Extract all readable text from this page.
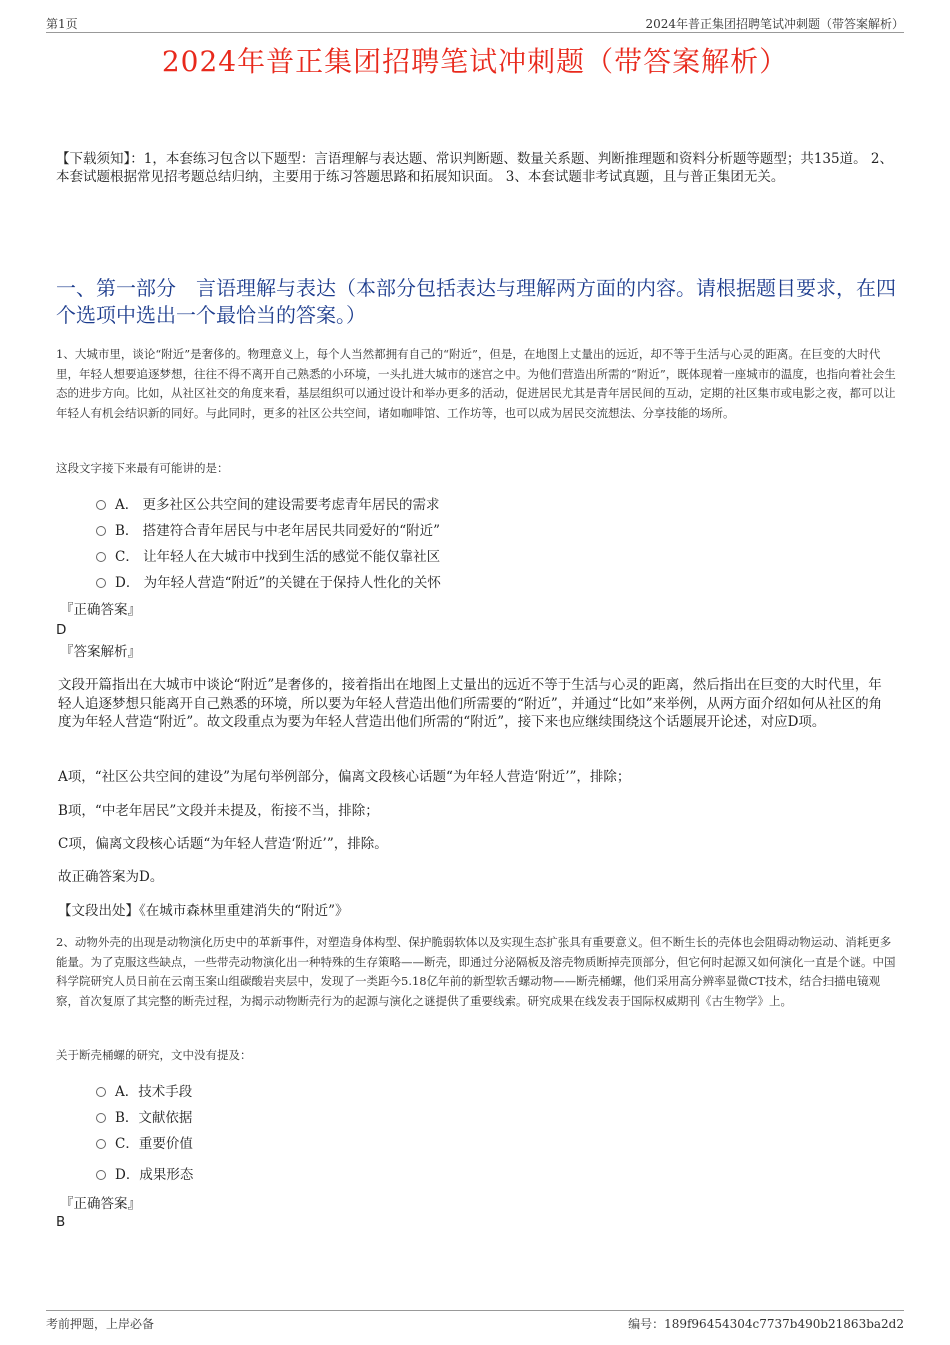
第1页	2024年普正集团招聘笔试冲刺题（带答案解析）
2024年普正集团招聘笔试冲刺题（带答案解析）
【下载须知】：1，本套练习包含以下题型：言语理解与表达题、常识判断题、数量关系题、判断推理题和资料分析题等题型；共135道。 2、本套试题根据常见招考题总结归纳，主要用于练习答题思路和拓展知识面。 3、本套试题非考试真题，且与普正集团无关。
一、第一部分　言语理解与表达（本部分包括表达与理解两方面的内容。请根据题目要求，在四个选项中选出一个最恰当的答案。）
1、大城市里，谈论“附近”是奢侈的。物理意义上，每个人当然都拥有自己的“附近”，但是，在地图上丈量出的远近，却不等于生活与心灵的距离。在巨变的大时代里，年轻人想要追逐梦想，往往不得不离开自己熟悉的小环境，一头扎进大城市的迷宫之中。为他们营造出所需的“附近”，既体现着一座城市的温度，也指向着社会生态的进步方向。比如，从社区社交的角度来看，基层组织可以通过设计和举办更多的活动，促进居民尤其是青年居民间的互动，定期的社区集市或电影之夜，都可以让年轻人有机会结识新的同好。与此同时，更多的社区公共空间，诸如咖啡馆、工作坊等，也可以成为居民交流想法、分享技能的场所。
这段文字接下来最有可能讲的是：
A． 更多社区公共空间的建设需要考虑青年居民的需求
B． 搭建符合青年居民与中老年居民共同爱好的“附近”
C． 让年轻人在大城市中找到生活的感觉不能仅靠社区
D． 为年轻人营造“附近”的关键在于保持人性化的关怀
『正确答案』
D
『答案解析』
文段开篇指出在大城市中谈论“附近”是奢侈的，接着指出在地图上丈量出的远近不等于生活与心灵的距离，然后指出在巨变的大时代里，年轻人追逐梦想只能离开自己熟悉的环境，所以要为年轻人营造出他们所需要的“附近”，并通过“比如”来举例，从两方面介绍如何从社区的角度为年轻人营造“附近”。故文段重点为要为年轻人营造出他们所需的“附近”，接下来也应继续围绕这个话题展开论述，对应D项。
A项，“社区公共空间的建设”为尾句举例部分，偏离文段核心话题“为年轻人营造‘附近’”，排除；
B项，“中老年居民”文段并未提及，衔接不当，排除；
C项，偏离文段核心话题“为年轻人营造‘附近’”，排除。
故正确答案为D。
【文段出处】《在城市森林里重建消失的“附近”》
2、动物外壳的出现是动物演化历史中的革新事件，对塑造身体构型、保护脆弱软体以及实现生态扩张具有重要意义。但不断生长的壳体也会阻碍动物运动、消耗更多能量。为了克服这些缺点，一些带壳动物演化出一种特殊的生存策略——断壳，即通过分泌隔板及溶壳物质断掉壳顶部分，但它何时起源又如何演化一直是个谜。中国科学院研究人员日前在云南玉案山组碳酸岩夹层中，发现了一类距今5.18亿年前的新型软舌螺动物——断壳桶螺，他们采用高分辨率显微CT技术，结合扫描电镜观察，首次复原了其完整的断壳过程，为揭示动物断壳行为的起源与演化之谜提供了重要线索。研究成果在线发表于国际权威期刊《古生物学》上。
关于断壳桶螺的研究，文中没有提及：
A．技术手段
B．文献依据
C．重要价值
D．成果形态
『正确答案』
B
考前押题，上岸必备	编号：189f96454304c7737b490b21863ba2d2
